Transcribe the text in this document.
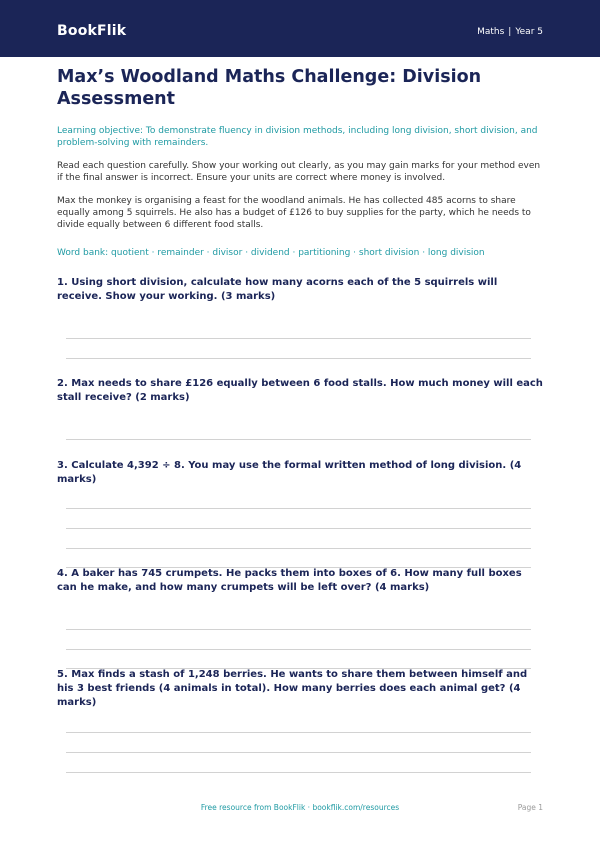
BookFlik	Maths | Year 5
Max’s Woodland Maths Challenge: Division Assessment
Learning objective: To demonstrate fluency in division methods, including long division, short division, and problem-solving with remainders.
Read each question carefully. Show your working out clearly, as you may gain marks for your method even if the final answer is incorrect. Ensure your units are correct where money is involved.
Max the monkey is organising a feast for the woodland animals. He has collected 485 acorns to share equally among 5 squirrels. He also has a budget of £126 to buy supplies for the party, which he needs to divide equally between 6 different food stalls.
Word bank: quotient · remainder · divisor · dividend · partitioning · short division · long division
1. Using short division, calculate how many acorns each of the 5 squirrels will receive. Show your working. (3 marks)
2. Max needs to share £126 equally between 6 food stalls. How much money will each stall receive? (2 marks)
3. Calculate 4,392 ÷ 8. You may use the formal written method of long division. (4 marks)
4. A baker has 745 crumpets. He packs them into boxes of 6. How many full boxes can he make, and how many crumpets will be left over? (4 marks)
5. Max finds a stash of 1,248 berries. He wants to share them between himself and his 3 best friends (4 animals in total). How many berries does each animal get? (4 marks)
Free resource from BookFlik · bookflik.com/resources	Page 1
